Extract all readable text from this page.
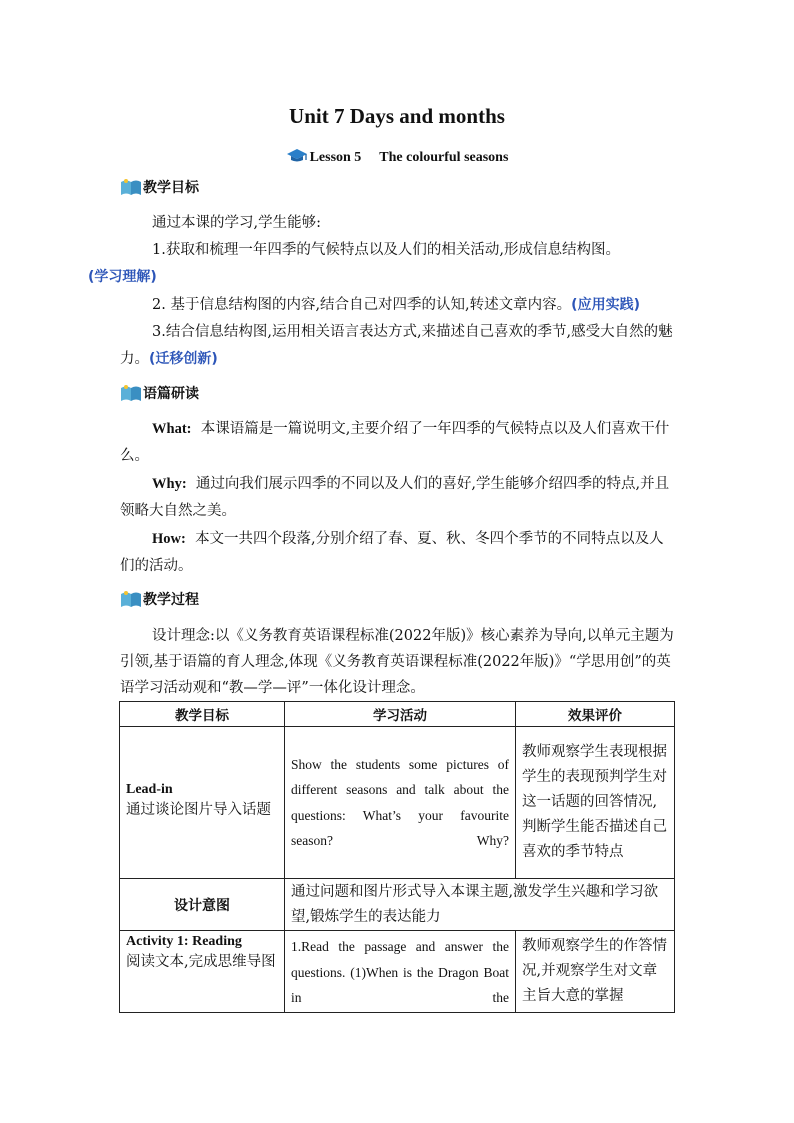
Unit 7 Days and months
Lesson 5 The colourful seasons
教学目标
通过本课的学习,学生能够:
1.获取和梳理一年四季的气候特点以及人们的相关活动,形成信息结构图。
(学习理解)
2. 基于信息结构图的内容,结合自己对四季的认知,转述文章内容。(应用实践)
3.结合信息结构图,运用相关语言表达方式,来描述自己喜欢的季节,感受大自然的魅力。(迁移创新)
语篇研读
What: 本课语篇是一篇说明文,主要介绍了一年四季的气候特点以及人们喜欢干什么。
Why: 通过向我们展示四季的不同以及人们的喜好,学生能够介绍四季的特点,并且领略大自然之美。
How: 本文一共四个段落,分别介绍了春、夏、秋、冬四个季节的不同特点以及人们的活动。
教学过程
设计理念:以《义务教育英语课程标准(2022年版)》核心素养为导向,以单元主题为引领,基于语篇的育人理念,体现《义务教育英语课程标准(2022年版)》“学思用创”的英语学习活动观和“教—学—评”一体化设计理念。
教学目标	学习活动	效果评价

Lead-in
通过谈论图片导入话题	Show the students some pictures of different seasons and talk about the questions: What’s your favourite season? Why?	教师观察学生表现根据学生的表现预判学生对这一话题的回答情况,判断学生能否描述自己喜欢的季节特点

设计意图	通过问题和图片形式导入本课主题,激发学生兴趣和学习欲望,锻炼学生的表达能力	

Activity 1: Reading
阅读文本,完成思维导图	1.Read the passage and answer the questions. (1)When is the Dragon Boat in the	教师观察学生的作答情况,并观察学生对文章主旨大意的掌握
